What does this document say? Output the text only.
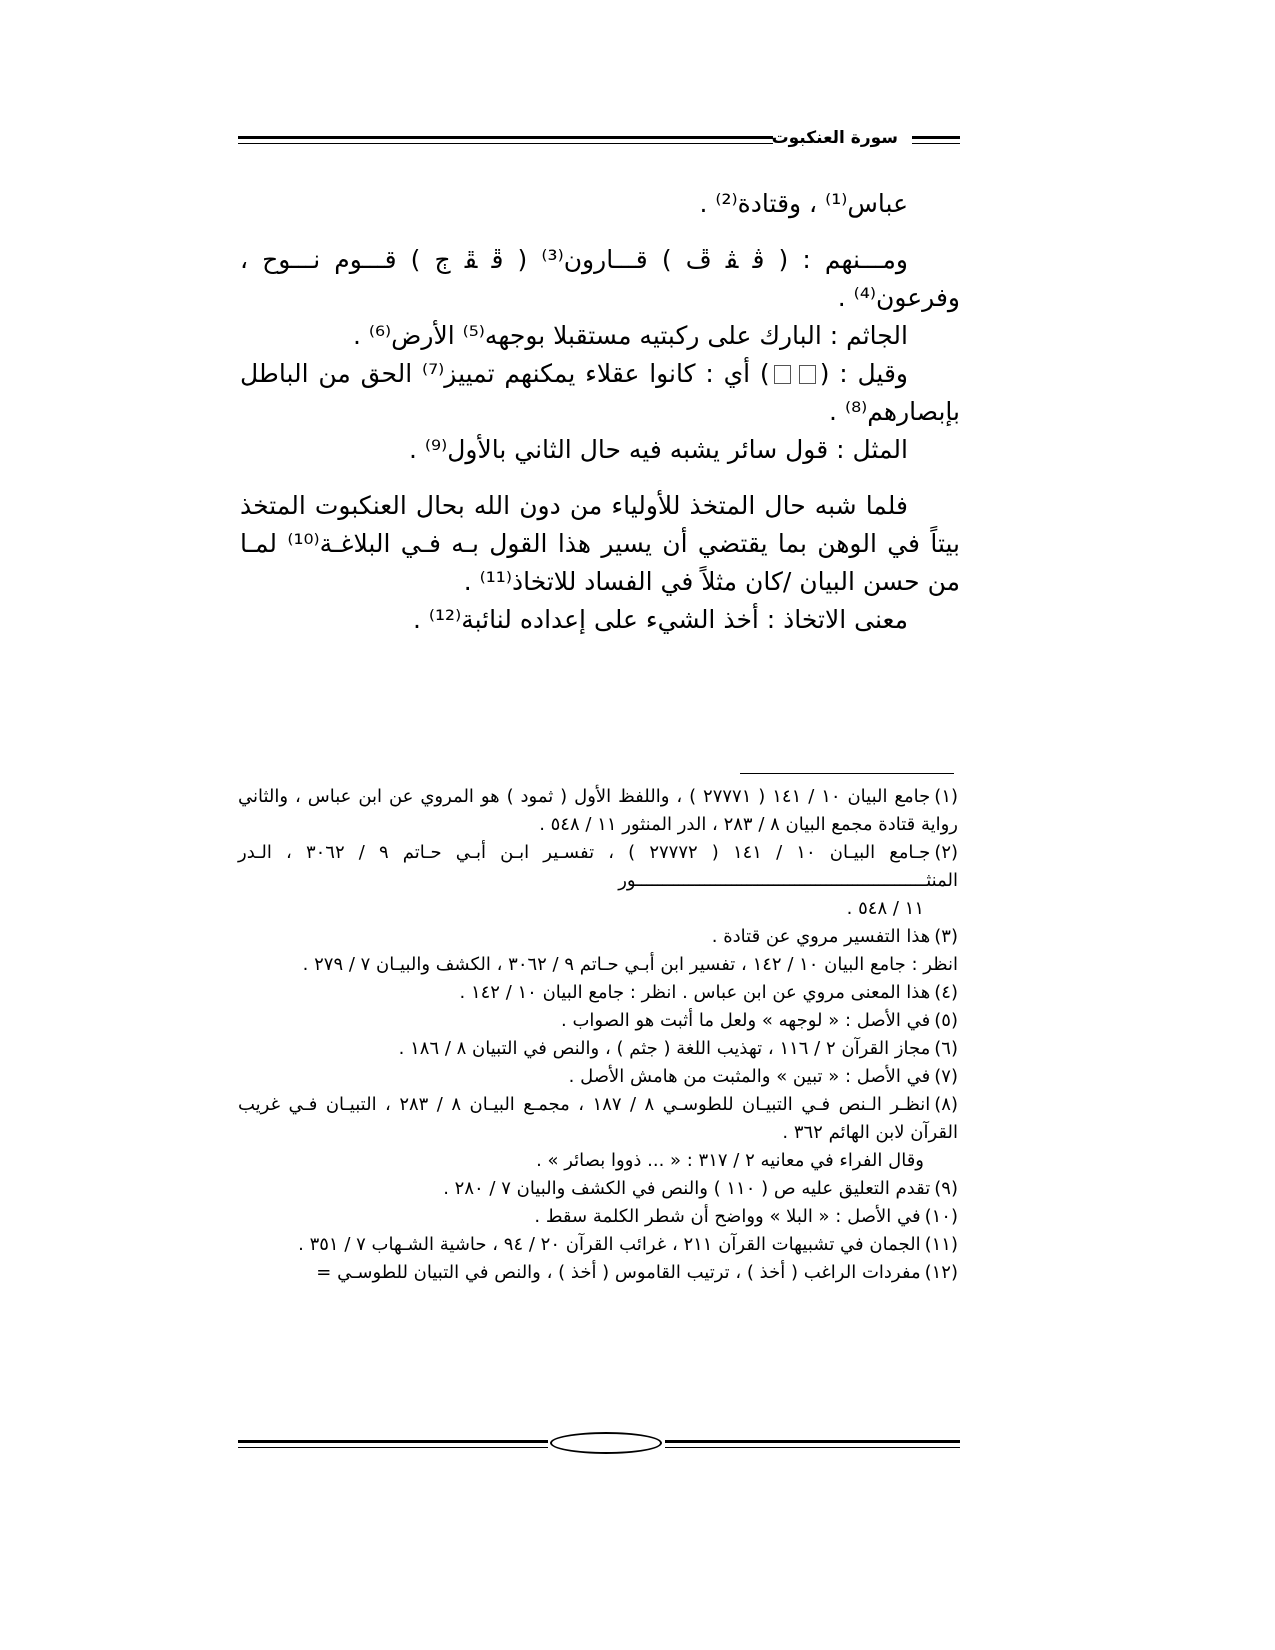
سورة العنكبوت

عباس⁽¹⁾ ، وقتادة⁽²⁾ .

ومـــنهم : ( ﭬ ﭭ ﭮ ) قـــارون⁽³⁾ ( ﭰ ﭱ ﭲ ) قـــوم نـــوح ، وفرعون⁽⁴⁾ .

الجاثم : البارك على ركبتيه مستقبلا بوجهه⁽⁵⁾ الأرض⁽⁶⁾ .

وقيل : () أي : كانوا عقلاء يمكنهم تمييز⁽⁷⁾ الحق من الباطل بإبصارهم⁽⁸⁾ .

المثل : قول سائر يشبه فيه حال الثاني بالأول⁽⁹⁾ .

فلما شبه حال المتخذ للأولياء من دون الله بحال العنكبوت المتخذ بيتاً في الوهن بما يقتضي أن يسير هذا القول بـه فـي البلاغـة⁽¹⁰⁾ لمـا من حسن البيان /كان مثلاً في الفساد للاتخاذ⁽¹¹⁾ .

معنى الاتخاذ : أخذ الشيء على إعداده لنائبة⁽¹²⁾ .

(١)جامع البيان ١٠ / ١٤١ ( ٢٧٧٧١ ) ، واللفظ الأول ( ثمود ) هو المروي عن ابن عباس ، والثاني رواية قتادة مجمع البيان ٨ / ٢٨٣ ، الدر المنثور ١١ / ٥٤٨ .

(٢)جـامع البيـان ١٠ / ١٤١ ( ٢٧٧٧٢ ) ، تفسـير ابـن أبـي حـاتم ٩ / ٣٠٦٢ ، الـدر المنثـــــــــــــــــــــــــــــــــــــــــــــــــــــــور

١١ / ٥٤٨ .

(٣)هذا التفسير مروي عن قتادة .

انظر : جامع البيان ١٠ / ١٤٢ ، تفسير ابن أبـي حـاتم ٩ / ٣٠٦٢ ، الكشف والبيـان ٧ / ٢٧٩ .

(٤)هذا المعنى مروي عن ابن عباس . انظر : جامع البيان ١٠ / ١٤٢ .

(٥)في الأصل : « لوجهه » ولعل ما أثبت هو الصواب .

(٦)مجاز القرآن ٢ / ١١٦ ، تهذيب اللغة ( جثم ) ، والنص في التبيان ٨ / ١٨٦ .

(٧)في الأصل : « تبين » والمثبت من هامش الأصل .

(٨)انظـر الـنص فـي التبيـان للطوسـي ٨ / ١٨٧ ، مجمـع البيـان ٨ / ٢٨٣ ، التبيـان فـي غريب القرآن لابن الهائم ٣٦٢ .

وقال الفراء في معانيه ٢ / ٣١٧ : « ... ذووا بصائر » .

(٩)تقدم التعليق عليه ص ( ١١٠ ) والنص في الكشف والبيان ٧ / ٢٨٠ .

(١٠)في الأصل : « البلا » وواضح أن شطر الكلمة سقط .

(١١)الجمان في تشبيهات القرآن ٢١١ ، غرائب القرآن ٢٠ / ٩٤ ، حاشية الشـهاب ٧ / ٣٥١ .

(١٢)مفردات الراغب ( أخذ ) ، ترتيب القاموس ( أخذ ) ، والنص في التبيان للطوسـي =
